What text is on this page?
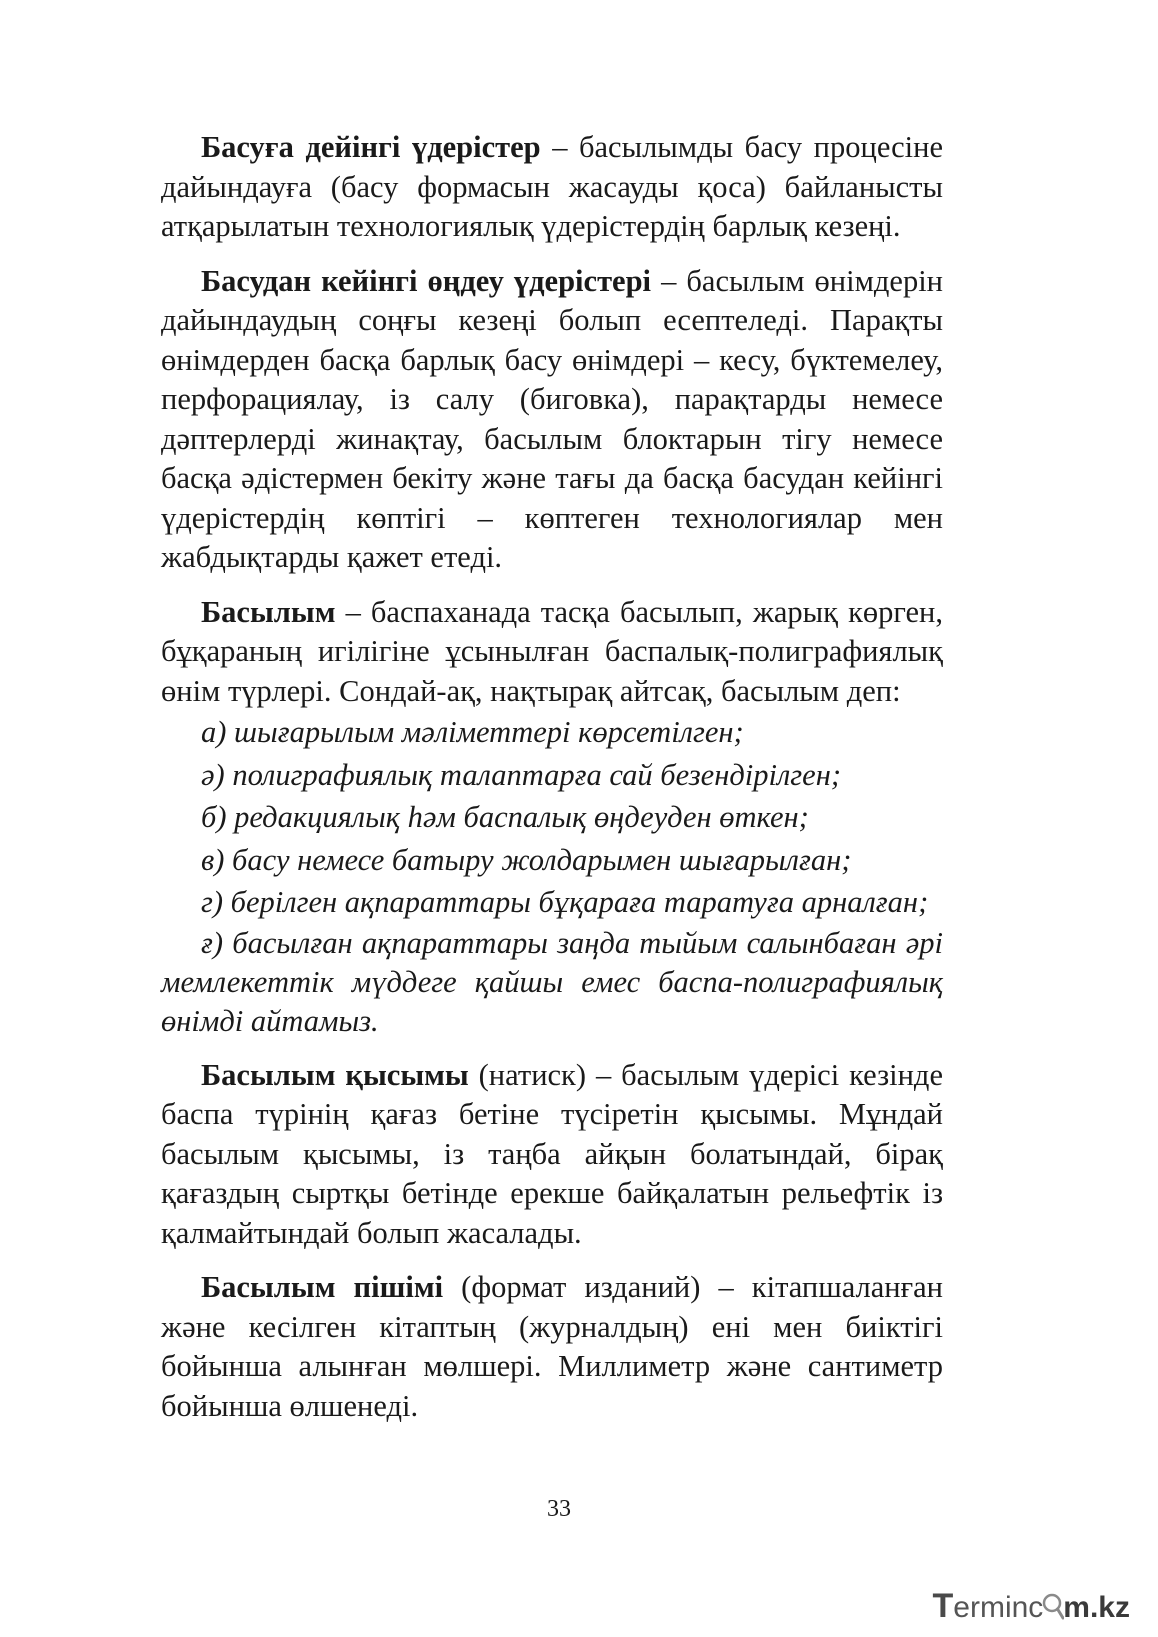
Басуға дейінгі үдерістер – басылымды басу процесіне дайындауға (басу формасын жасауды қоса) байланысты атқарылатын технологиялық үдерістердің барлық кезеңі.

Басудан кейінгі өңдеу үдерістері – басылым өнімдерін дайындаудың соңғы кезеңі болып есептеледі. Парақты өнімдерден басқа барлық басу өнімдері – кесу, бүктемелеу, перфорациялау, із салу (биговка), парақтарды немесе дәптерлерді жинақтау, басылым блоктарын тігу немесе басқа әдістермен бекіту және тағы да басқа басудан кейінгі үдерістердің көптігі – көптеген технологиялар мен жабдықтарды қажет етеді.

Басылым – баспаханада тасқа басылып, жарық көрген, бұқараның игілігіне ұсынылған баспалық-полиграфиялық өнім түрлері. Сондай-ақ, нақтырақ айтсақ, басылым деп:

а) шығарылым мәліметтері көрсетілген;

ә) полиграфиялық талаптарға сай безендірілген;

б) редакциялық һәм баспалық өңдеуден өткен;

в) басу немесе батыру жолдарымен шығарылған;

г) берілген ақпараттары бұқараға таратуға арналған;

ғ) басылған ақпараттары заңда тыйым салынбаған әрі мемлекеттік мүддеге қайшы емес баспа-полиграфиялық өнімді айтамыз.

Басылым қысымы (натиск) – басылым үдерісі кезінде баспа түрінің қағаз бетіне түсіретін қысымы. Мұндай басылым қысымы, із таңба айқын болатындай, бірақ қағаздың сыртқы бетінде ерекше байқалатын рельефтік із қалмайтындай болып жасалады.

Басылым пішімі (формат изданий) – кітапшаланған және кесілген кітаптың (журналдың) ені мен биіктігі бойынша алынған мөлшері. Миллиметр және сантиметр бойынша өлшенеді.

33
T erminc m.kz
